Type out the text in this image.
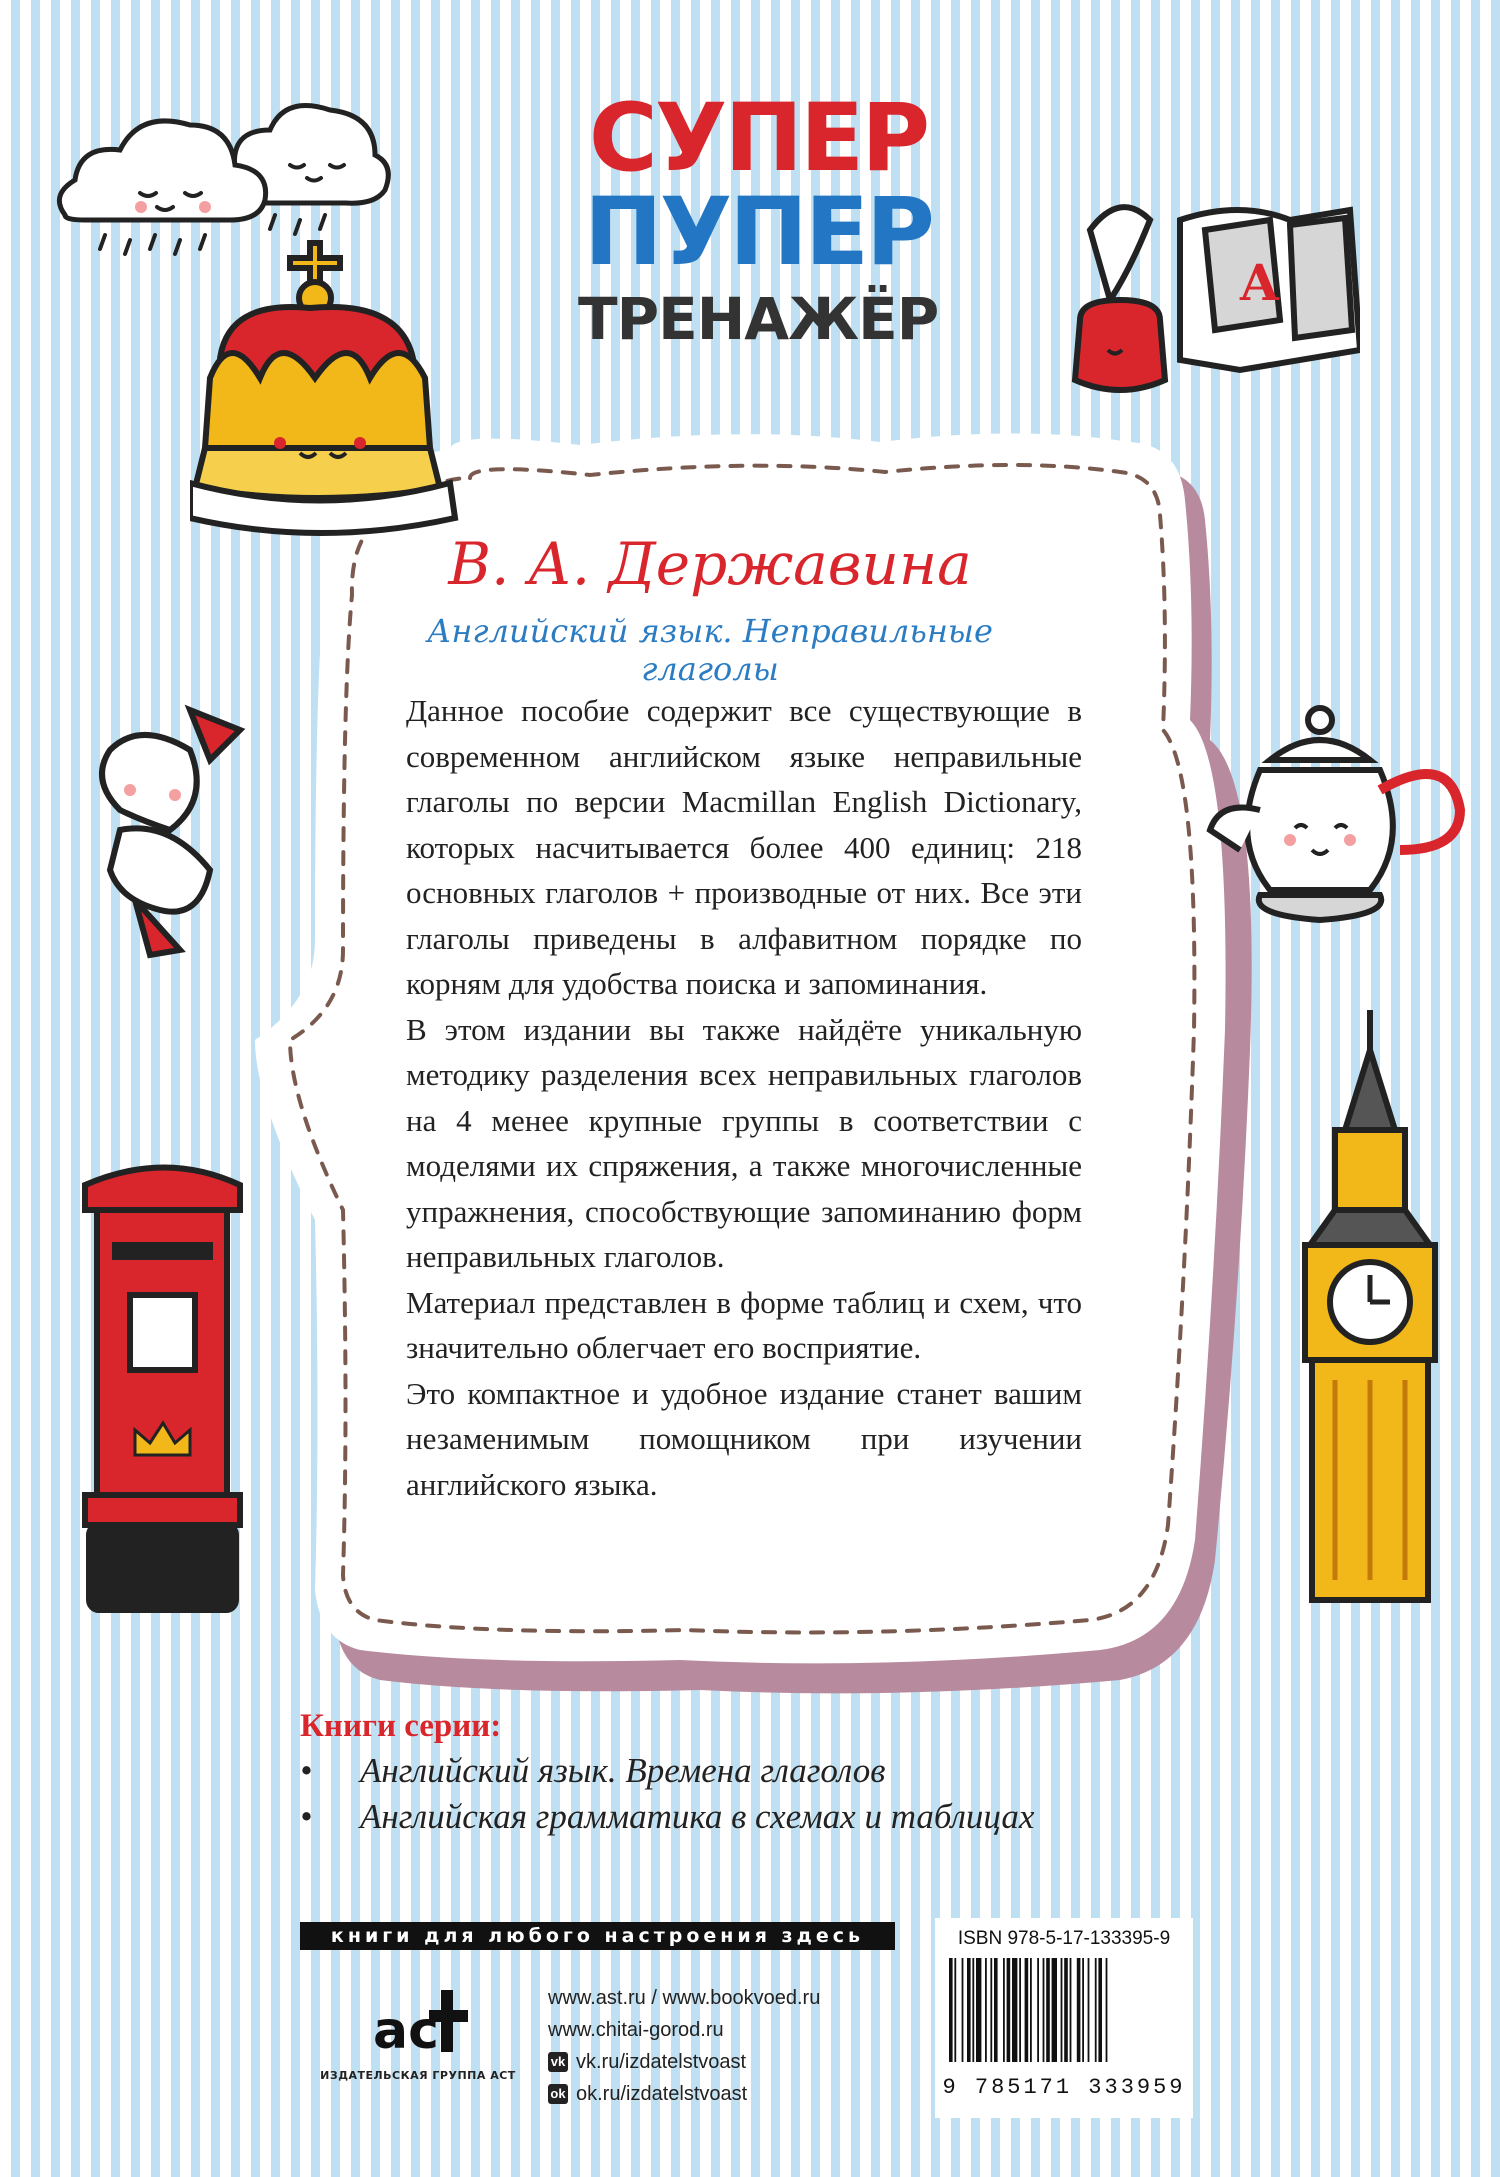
СУПЕР
ПУПЕР
ТРЕНАЖЁР
A
В. А. Державина
Английский язык. Неправильные глаголы

Данное пособие содержит все существующие в современном английском языке неправильные глаголы по версии Macmillan English Dictionary, которых насчитывается более 400 единиц: 218 основных глаголов + производные от них. Все эти глаголы приведены в алфавитном порядке по корням для удобства поиска и запоминания.

В этом издании вы также найдёте уникальную методику разделения всех неправильных глаголов на 4 менее крупные группы в соответствии с моделями их спряжения, а также многочисленные упражнения, способствующие запоминанию форм неправильных глаголов.

Материал представлен в форме таблиц и схем, что значительно облегчает его восприятие.

Это компактное и удобное издание станет вашим незаменимым помощником при изучении английского языка.

Книги серии:
• Английский язык. Времена глаголов
• Английская грамматика в схемах и таблицах
книги для любого настроения здесь
ас
ИЗДАТЕЛЬСКАЯ ГРУППА АСТ
www.ast.ru / www.bookvoed.ru
www.chitai-gorod.ru
vk vk.ru/izdatelstvoast
ok ok.ru/izdatelstvoast
ISBN 978-5-17-133395-9
9 785171 333959
